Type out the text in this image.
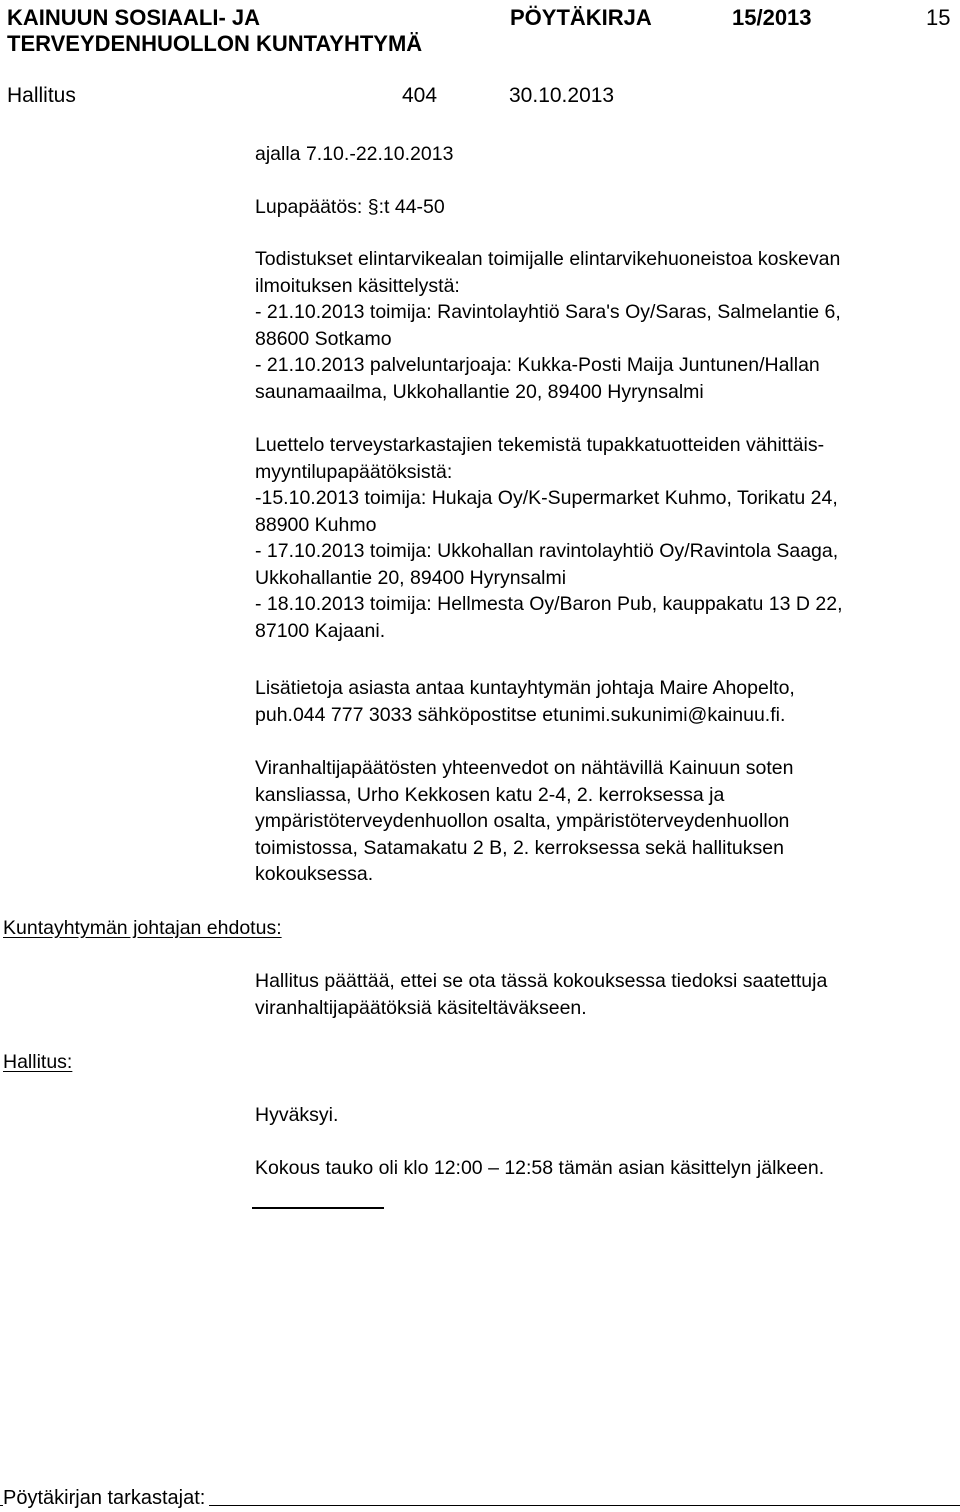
KAINUUN SOSIAALI- JA
TERVEYDENHUOLLON KUNTAYHTYMÄ
PÖYTÄKIRJA	15/2013	15
Hallitus	404	30.10.2013
ajalla 7.10.-22.10.2013
Lupapäätös: §:t 44-50
Todistukset elintarvikealan toimijalle elintarvikehuoneistoa koskevan
ilmoituksen käsittelystä:
- 21.10.2013 toimija: Ravintolayhtiö Sara's Oy/Saras, Salmelantie 6,
88600 Sotkamo
- 21.10.2013 palveluntarjoaja: Kukka-Posti Maija Juntunen/Hallan
saunamaailma, Ukkohallantie 20, 89400 Hyrynsalmi
Luettelo terveystarkastajien tekemistä tupakkatuotteiden vähittäis-
myyntilupapäätöksistä:
-15.10.2013 toimija: Hukaja Oy/K-Supermarket Kuhmo, Torikatu 24,
88900 Kuhmo
- 17.10.2013 toimija: Ukkohallan ravintolayhtiö Oy/Ravintola Saaga,
Ukkohallantie 20, 89400 Hyrynsalmi
- 18.10.2013 toimija: Hellmesta Oy/Baron Pub, kauppakatu 13 D 22,
87100 Kajaani.
Lisätietoja asiasta antaa kuntayhtymän johtaja Maire Ahopelto,
puh.044 777 3033 sähköpostitse etunimi.sukunimi@kainuu.fi.
Viranhaltijapäätösten yhteenvedot on nähtävillä Kainuun soten
kansliassa, Urho Kekkosen katu 2-4, 2. kerroksessa ja
ympäristöterveydenhuollon osalta, ympäristöterveydenhuollon
toimistossa, Satamakatu 2 B, 2. kerroksessa sekä hallituksen
kokouksessa.
Kuntayhtymän johtajan ehdotus:
Hallitus päättää, ettei se ota tässä kokouksessa tiedoksi saatettuja
viranhaltijapäätöksiä käsiteltäväkseen.
Hallitus:
Hyväksyi.
Kokous tauko oli klo 12:00 – 12:58 tämän asian käsittelyn jälkeen.
Pöytäkirjan tarkastajat:
